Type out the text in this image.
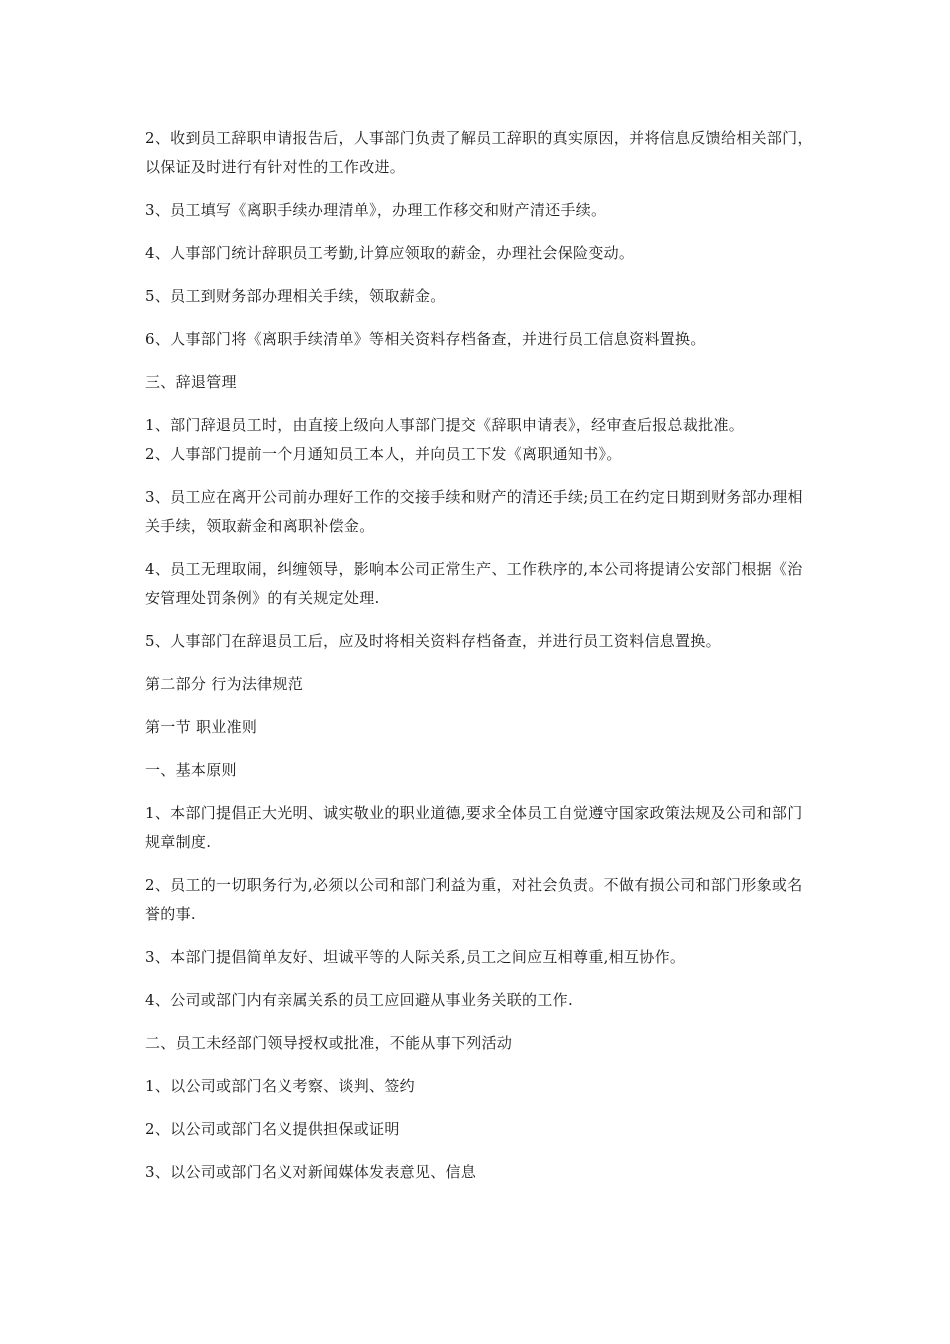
2、收到员工辞职申请报告后，人事部门负责了解员工辞职的真实原因，并将信息反馈给相关部门，以保证及时进行有针对性的工作改进。

3、员工填写《离职手续办理清单》，办理工作移交和财产清还手续。

4、人事部门统计辞职员工考勤,计算应领取的薪金，办理社会保险变动。

5、员工到财务部办理相关手续，领取薪金。

6、人事部门将《离职手续清单》等相关资料存档备查，并进行员工信息资料置换。

三、辞退管理

1、部门辞退员工时，由直接上级向人事部门提交《辞职申请表》，经审查后报总裁批准。

2、人事部门提前一个月通知员工本人，并向员工下发《离职通知书》。

3、员工应在离开公司前办理好工作的交接手续和财产的清还手续;员工在约定日期到财务部办理相关手续，领取薪金和离职补偿金。

4、员工无理取闹，纠缠领导，影响本公司正常生产、工作秩序的,本公司将提请公安部门根据《治安管理处罚条例》的有关规定处理.

5、人事部门在辞退员工后，应及时将相关资料存档备查，并进行员工资料信息置换。

第二部分 行为法律规范

第一节 职业准则

一、基本原则

1、本部门提倡正大光明、诚实敬业的职业道德,要求全体员工自觉遵守国家政策法规及公司和部门规章制度.

2、员工的一切职务行为,必须以公司和部门利益为重，对社会负责。不做有损公司和部门形象或名誉的事.

3、本部门提倡简单友好、坦诚平等的人际关系,员工之间应互相尊重,相互协作。

4、公司或部门内有亲属关系的员工应回避从事业务关联的工作.

二、员工未经部门领导授权或批准，不能从事下列活动

1、以公司或部门名义考察、谈判、签约

2、以公司或部门名义提供担保或证明

3、以公司或部门名义对新闻媒体发表意见、信息
